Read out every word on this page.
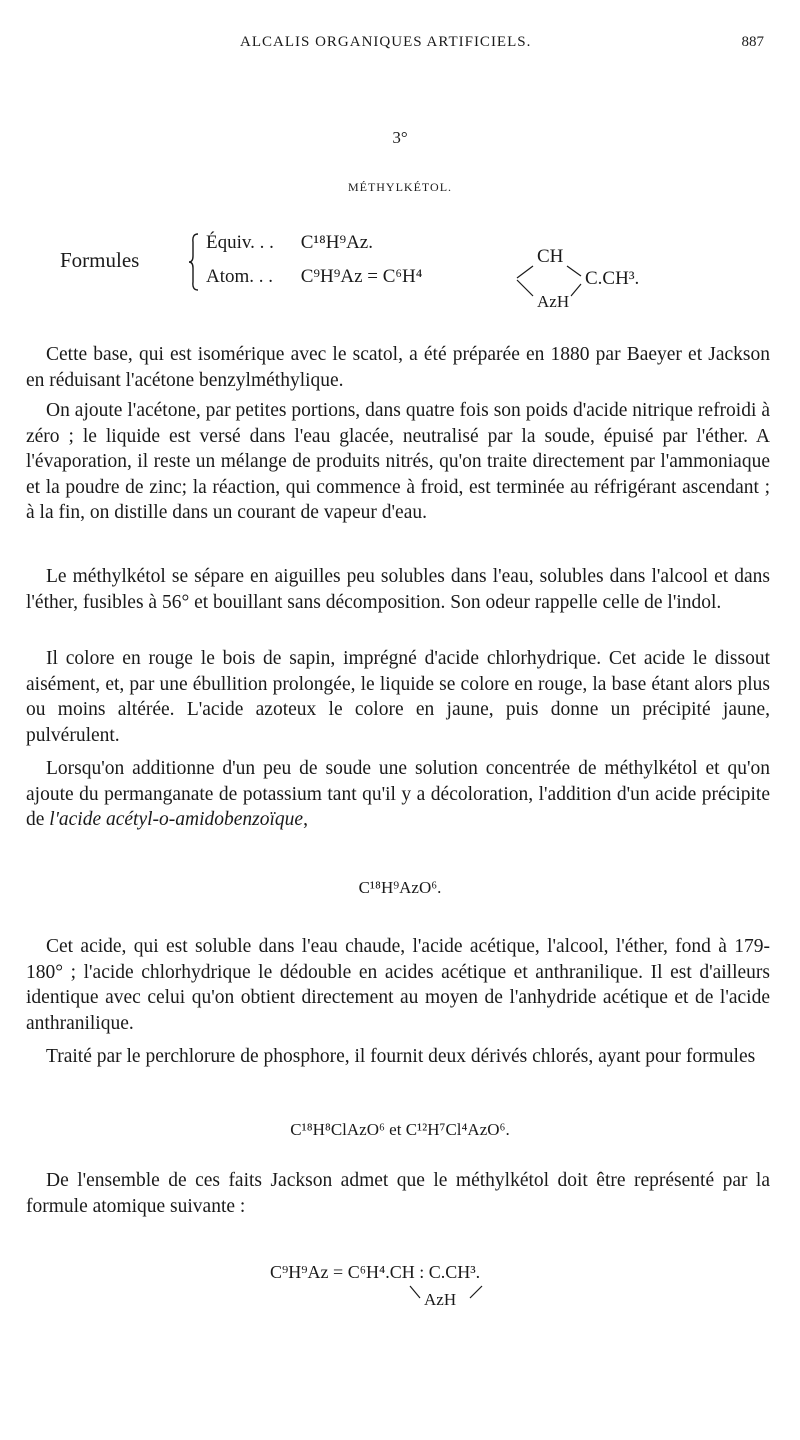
ALCALIS ORGANIQUES ARTIFICIELS.	887
3°
MÉTHYLKÉTOL.
Formules
Équiv. . . C¹⁸H⁹Az.
Atom. . . C⁹H⁹Az = C⁶H⁴
CH
AzH
C.CH³.

Cette base, qui est isomérique avec le scatol, a été préparée en 1880 par Baeyer et Jackson en réduisant l'acétone benzylméthylique.

On ajoute l'acétone, par petites portions, dans quatre fois son poids d'acide nitrique refroidi à zéro ; le liquide est versé dans l'eau glacée, neutralisé par la soude, épuisé par l'éther. A l'évaporation, il reste un mélange de produits nitrés, qu'on traite directement par l'ammoniaque et la poudre de zinc; la réaction, qui commence à froid, est terminée au réfrigérant ascendant ; à la fin, on distille dans un courant de vapeur d'eau.

Le méthylkétol se sépare en aiguilles peu solubles dans l'eau, solubles dans l'alcool et dans l'éther, fusibles à 56° et bouillant sans décomposition. Son odeur rappelle celle de l'indol.

Il colore en rouge le bois de sapin, imprégné d'acide chlorhydrique. Cet acide le dissout aisément, et, par une ébullition prolongée, le liquide se colore en rouge, la base étant alors plus ou moins altérée. L'acide azoteux le colore en jaune, puis donne un précipité jaune, pulvérulent.

Lorsqu'on additionne d'un peu de soude une solution concentrée de méthylkétol et qu'on ajoute du permanganate de potassium tant qu'il y a décoloration, l'addition d'un acide précipite de l'acide acétyl-o-amidobenzoïque,

C¹⁸H⁹AzO⁶.

Cet acide, qui est soluble dans l'eau chaude, l'acide acétique, l'alcool, l'éther, fond à 179-180° ; l'acide chlorhydrique le dédouble en acides acétique et anthranilique. Il est d'ailleurs identique avec celui qu'on obtient directement au moyen de l'anhydride acétique et de l'acide anthranilique.

Traité par le perchlorure de phosphore, il fournit deux dérivés chlorés, ayant pour formules

C¹⁸H⁸ClAzO⁶ et C¹²H⁷Cl⁴AzO⁶.

De l'ensemble de ces faits Jackson admet que le méthylkétol doit être représenté par la formule atomique suivante :

C⁹H⁹Az = C⁶H⁴.CH : C.CH³.
AzH
